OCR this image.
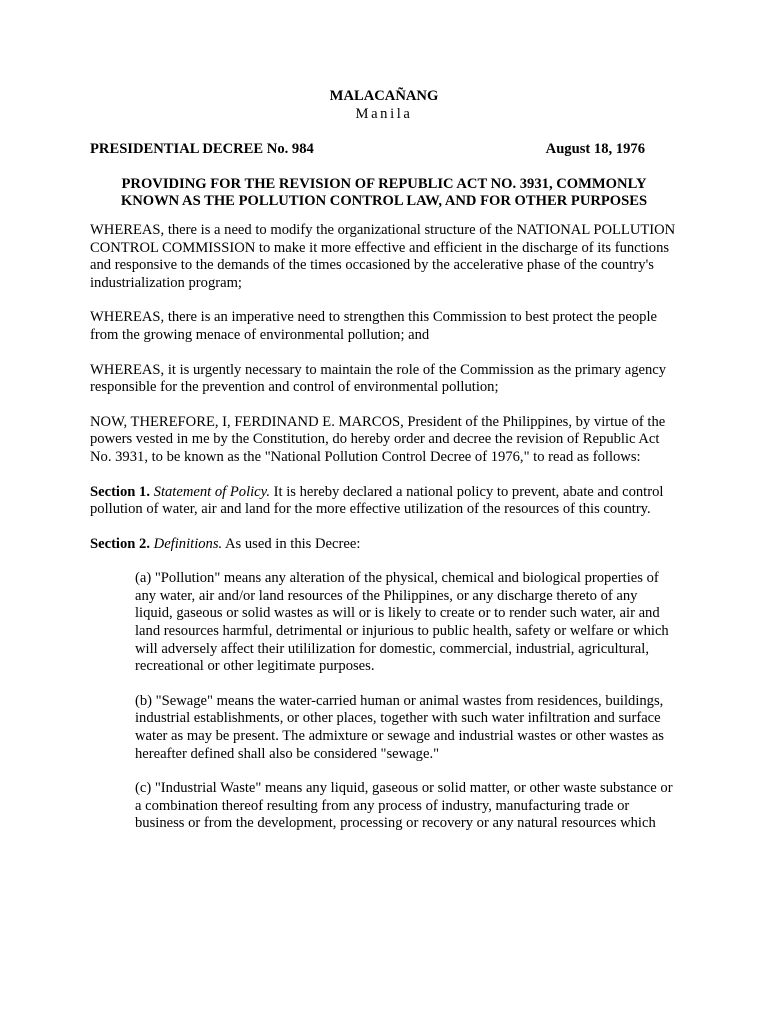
MALACAÑANG
Manila
PRESIDENTIAL DECREE No. 984	August 18, 1976
PROVIDING FOR THE REVISION OF REPUBLIC ACT NO. 3931, COMMONLY KNOWN AS THE POLLUTION CONTROL LAW, AND FOR OTHER PURPOSES

WHEREAS, there is a need to modify the organizational structure of the NATIONAL POLLUTION CONTROL COMMISSION to make it more effective and efficient in the discharge of its functions and responsive to the demands of the times occasioned by the accelerative phase of the country's industrialization program;

WHEREAS, there is an imperative need to strengthen this Commission to best protect the people from the growing menace of environmental pollution; and

WHEREAS, it is urgently necessary to maintain the role of the Commission as the primary agency responsible for the prevention and control of environmental pollution;

NOW, THEREFORE, I, FERDINAND E. MARCOS, President of the Philippines, by virtue of the powers vested in me by the Constitution, do hereby order and decree the revision of Republic Act No. 3931, to be known as the "National Pollution Control Decree of 1976," to read as follows:

Section 1. Statement of Policy. It is hereby declared a national policy to prevent, abate and control pollution of water, air and land for the more effective utilization of the resources of this country.

Section 2. Definitions. As used in this Decree:

(a) "Pollution" means any alteration of the physical, chemical and biological properties of any water, air and/or land resources of the Philippines, or any discharge thereto of any liquid, gaseous or solid wastes as will or is likely to create or to render such water, air and land resources harmful, detrimental or injurious to public health, safety or welfare or which will adversely affect their utililization for domestic, commercial, industrial, agricultural, recreational or other legitimate purposes.

(b) "Sewage" means the water-carried human or animal wastes from residences, buildings, industrial establishments, or other places, together with such water infiltration and surface water as may be present. The admixture or sewage and industrial wastes or other wastes as hereafter defined shall also be considered "sewage."

(c) "Industrial Waste" means any liquid, gaseous or solid matter, or other waste substance or a combination thereof resulting from any process of industry, manufacturing trade or business or from the development, processing or recovery or any natural resources which
